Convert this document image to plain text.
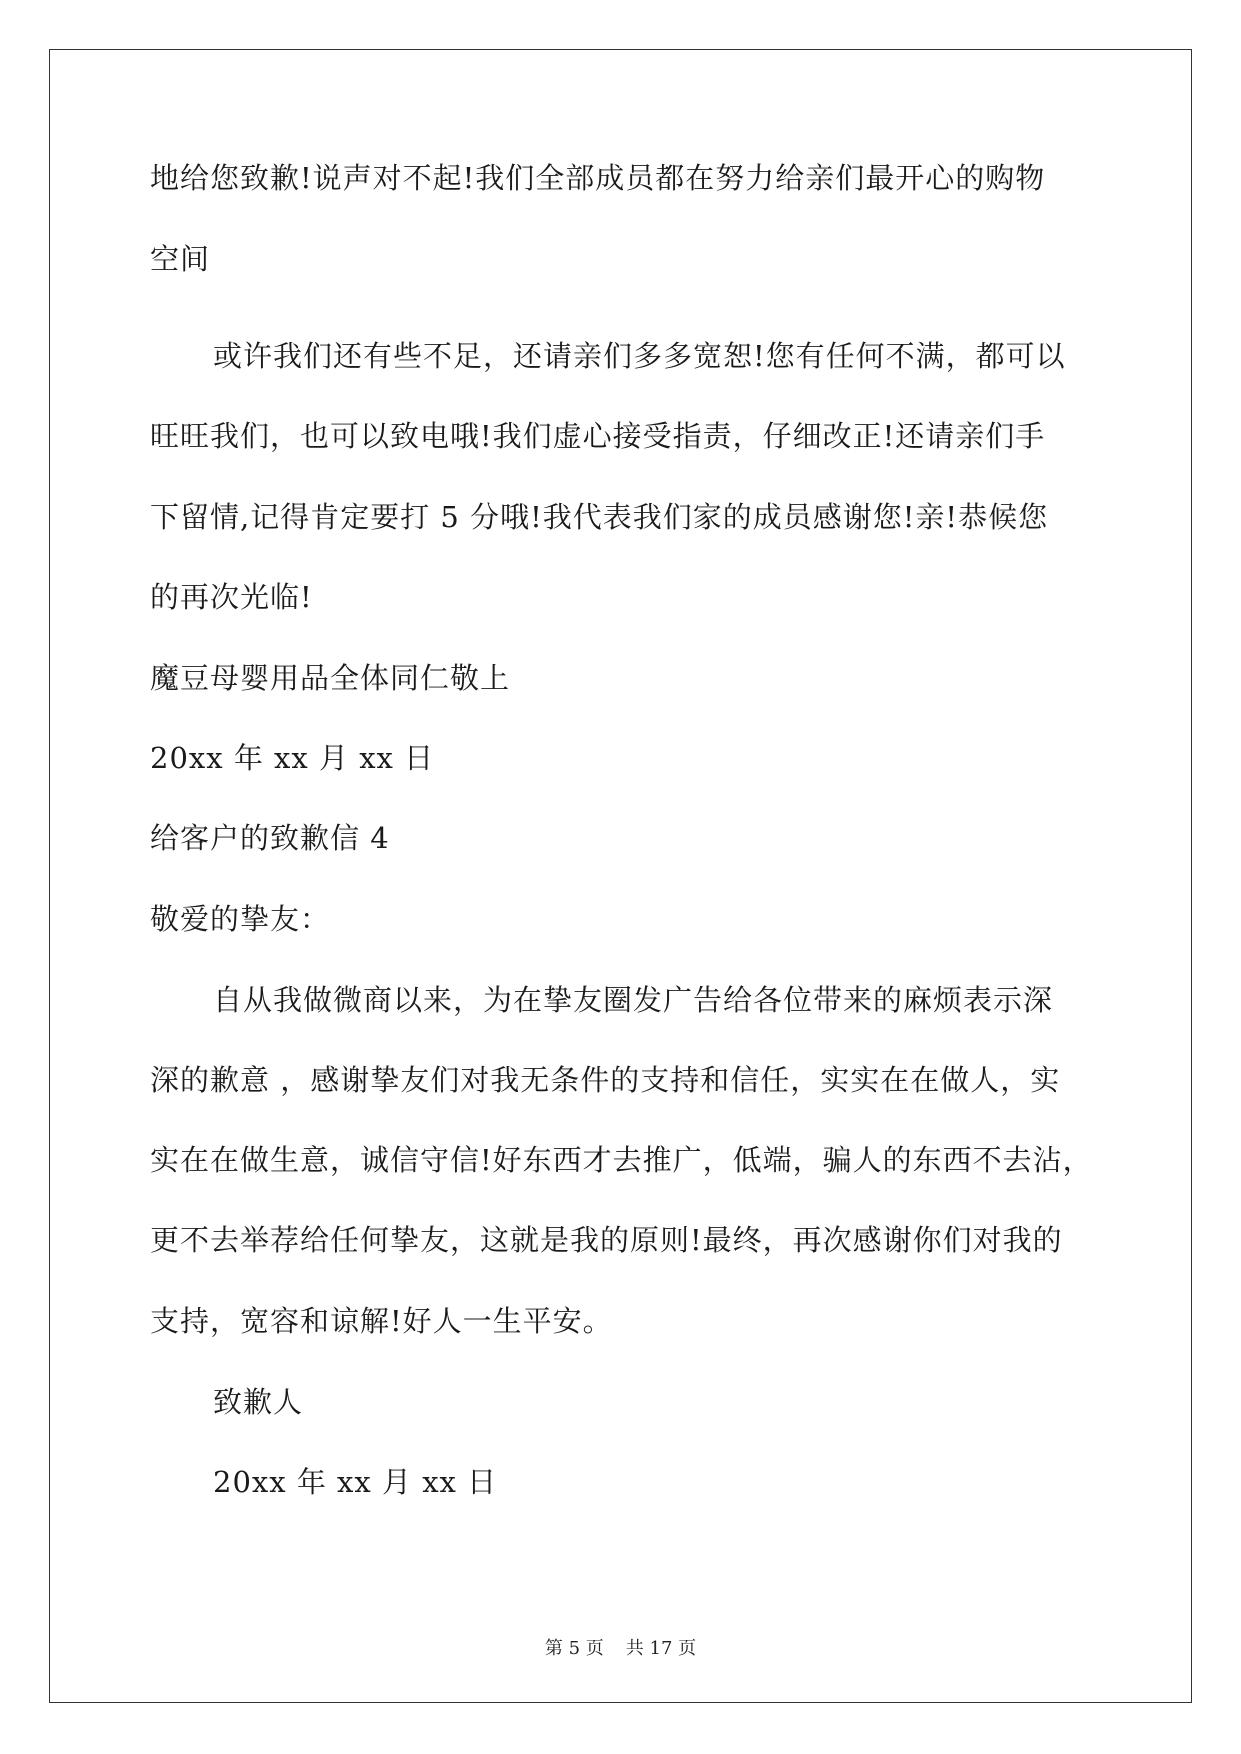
地给您致歉!说声对不起!我们全部成员都在努力给亲们最开心的购物
空间
或许我们还有些不足，还请亲们多多宽恕!您有任何不满，都可以
旺旺我们，也可以致电哦!我们虚心接受指责，仔细改正!还请亲们手
下留情,记得肯定要打 5 分哦!我代表我们家的成员感谢您!亲!恭候您
的再次光临!
魔豆母婴用品全体同仁敬上
20xx 年 xx 月 xx 日
给客户的致歉信 4
敬爱的挚友：
自从我做微商以来，为在挚友圈发广告给各位带来的麻烦表示深
深的歉意 ，感谢挚友们对我无条件的支持和信任，实实在在做人，实
实在在做生意，诚信守信!好东西才去推广，低端，骗人的东西不去沾，
更不去举荐给任何挚友，这就是我的原则!最终，再次感谢你们对我的
支持，宽容和谅解!好人一生平安。
致歉人
20xx 年 xx 月 xx 日
第 5 页 共 17 页
